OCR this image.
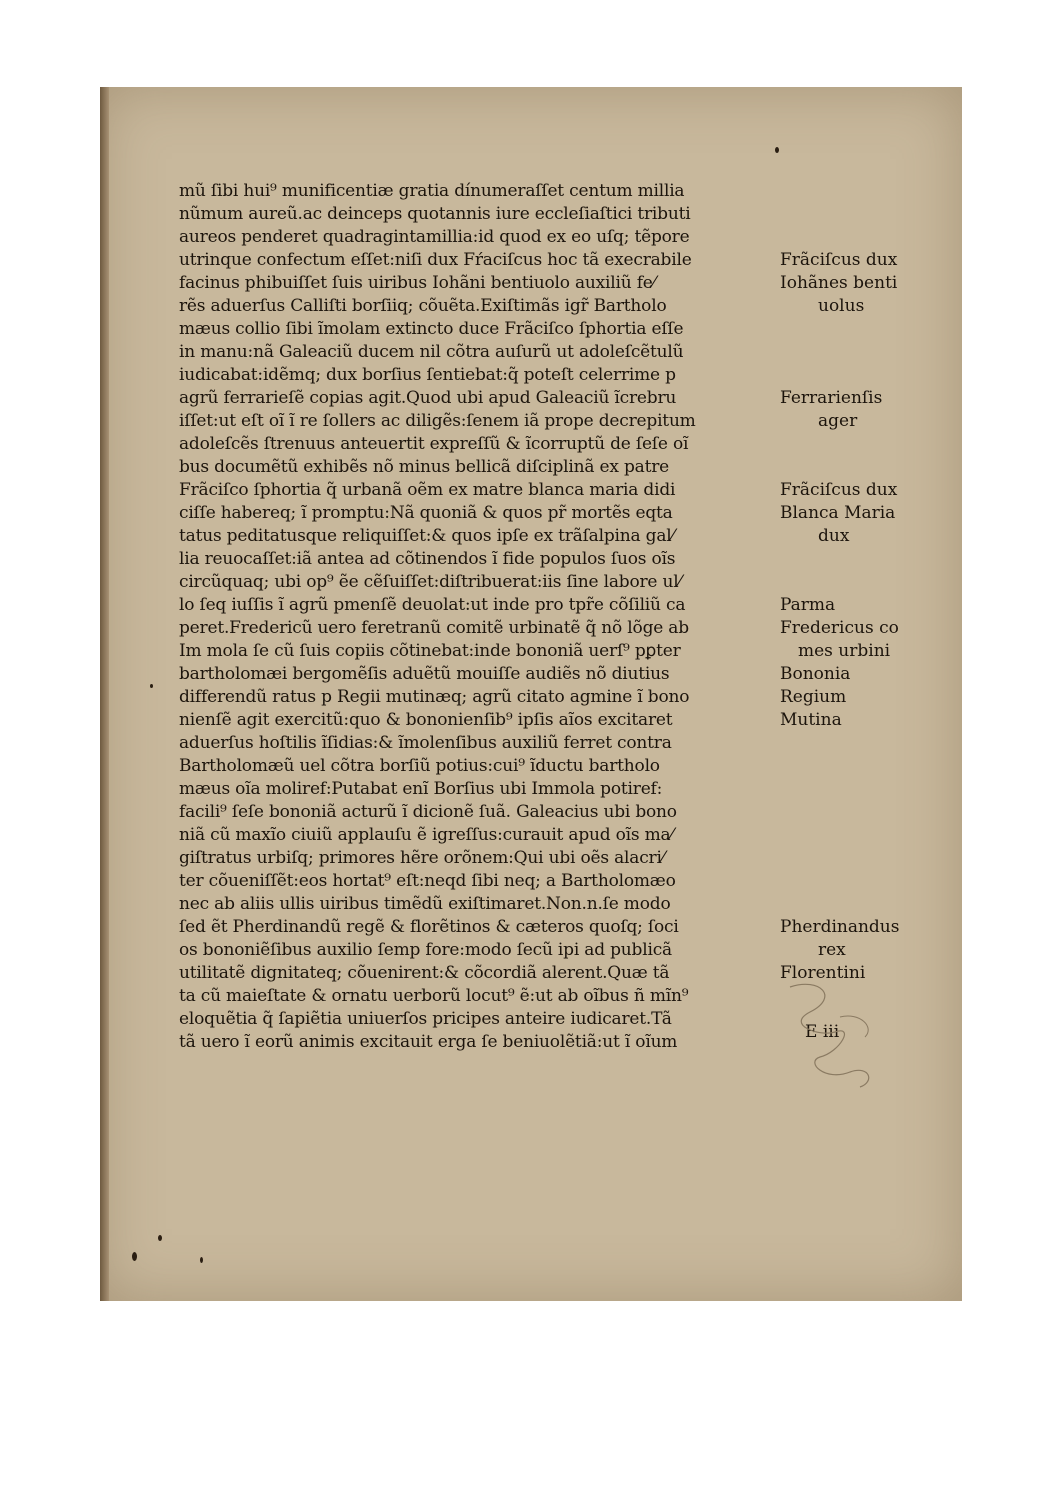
mũ ſibi hui⁹ munificentiæ gratia dínumeraſſet centum millia
nũmum aureũ.ac deinceps quotannis iure eccleſiaſtici tributi
aureos penderet quadragintamillia:id quod ex eo uſq; tẽpore
utrinque confectum eſſet:niſi dux Fŕaciſcus hoc tã execrabile
facinus phibuiſſet ſuis uiribus Iohãni bentiuolo auxiliũ fe⁄
rẽs aduerſus Calliſti borſiiq; cõuẽta.Exiſtimãs igr̃ Bartholo
mæus collio ſibi ĩmolam extincto duce Frãciſco ſphortia eſſe
in manu:nã Galeaciũ ducem nil cõtra auſurũ ut adoleſcẽtulũ
iudicabat:idẽmq; dux borſius ſentiebat:q̃ poteſt celerrime p
agrũ ferrarieſẽ copias agit.Quod ubi apud Galeaciũ ĩcrebru
iſſet:ut eſt oĩ ĩ re ſollers ac diligẽs:ſenem iã prope decrepitum
adoleſcẽs ſtrenuus anteuertit expreſſũ & ĩcorruptũ de ſeſe oĩ
bus documẽtũ exhibẽs nõ minus bellicã diſciplinã ex patre
Frãciſco ſphortia q̃ urbanã oẽm ex matre blanca maria didi
ciſſe habereq; ĩ promptu:Nã quoniã & quos pr̃ mortẽs eqta
tatus peditatusque reliquiſſet:& quos ipſe ex trãſalpina gal⁄
lia reuocaſſet:iã antea ad cõtinendos ĩ fide populos ſuos oĩs
circũquaq; ubi op⁹ ẽe cẽſuiſſet:diſtribuerat:iis ſine labore ul⁄
lo ſeq iuſſis ĩ agrũ pmenſẽ deuolat:ut inde pro tpr̃e cõſiliũ ca
peret.Fredericũ uero feretranũ comitẽ urbinatẽ q̃ nõ lõge ab
Im mola ſe cũ ſuis copiis cõtinebat:inde bononiã uerſ⁹ pꝑter
bartholomæi bergomẽſis aduẽtũ mouiſſe audiẽs nõ diutius
differendũ ratus p Regii mutinæq; agrũ citato agmine ĩ bono
nienſẽ agit exercitũ:quo & bononienſib⁹ ipſis aĩos excitaret
aduerſus hoſtilis ĩſidias:& ĩmolenſibus auxiliũ ferret contra
Bartholomæũ uel cõtra borſiũ potius:cui⁹ ĩductu bartholo
mæus oĩa moliref:Putabat enĩ Borſius ubi Immola potiref:
facili⁹ ſeſe bononiã acturũ ĩ dicionẽ ſuã. Galeacius ubi bono
niã cũ maxĩo ciuiũ applauſu ẽ igreſſus:curauit apud oĩs ma⁄
giſtratus urbiſq; primores hẽre orõnem:Qui ubi oẽs alacri⁄
ter cõueniſſẽt:eos hortat⁹ eſt:neqd ſibi neq; a Bartholomæo
nec ab aliis ullis uiribus timẽdũ exiſtimaret.Non.n.ſe modo
ſed ẽt Pherdinandũ regẽ & florẽtinos & cæteros quoſq; ſoci
os bononiẽſibus auxilio ſemp fore:modo ſecũ ipi ad publicã
utilitatẽ dignitateq; cõuenirent:& cõcordiã alerent.Quæ tã
ta cũ maieſtate & ornatu uerborũ locut⁹ ẽ:ut ab oĩbus ñ mĩn⁹
eloquẽtia q̃ ſapiẽtia uniuerſos pricipes anteire iudicaret.Tã
tã uero ĩ eorũ animis excitauit erga ſe beniuolẽtiã:ut ĩ oĩum
Frãciſcus dux
Iohãnes benti
uolus
Ferrarienſis
ager
Frãciſcus dux
Blanca Maria
dux
Parma
Fredericus co
mes urbini
Bononia
Regium
Mutina
Pherdinandus
rex
Florentini
E iii
